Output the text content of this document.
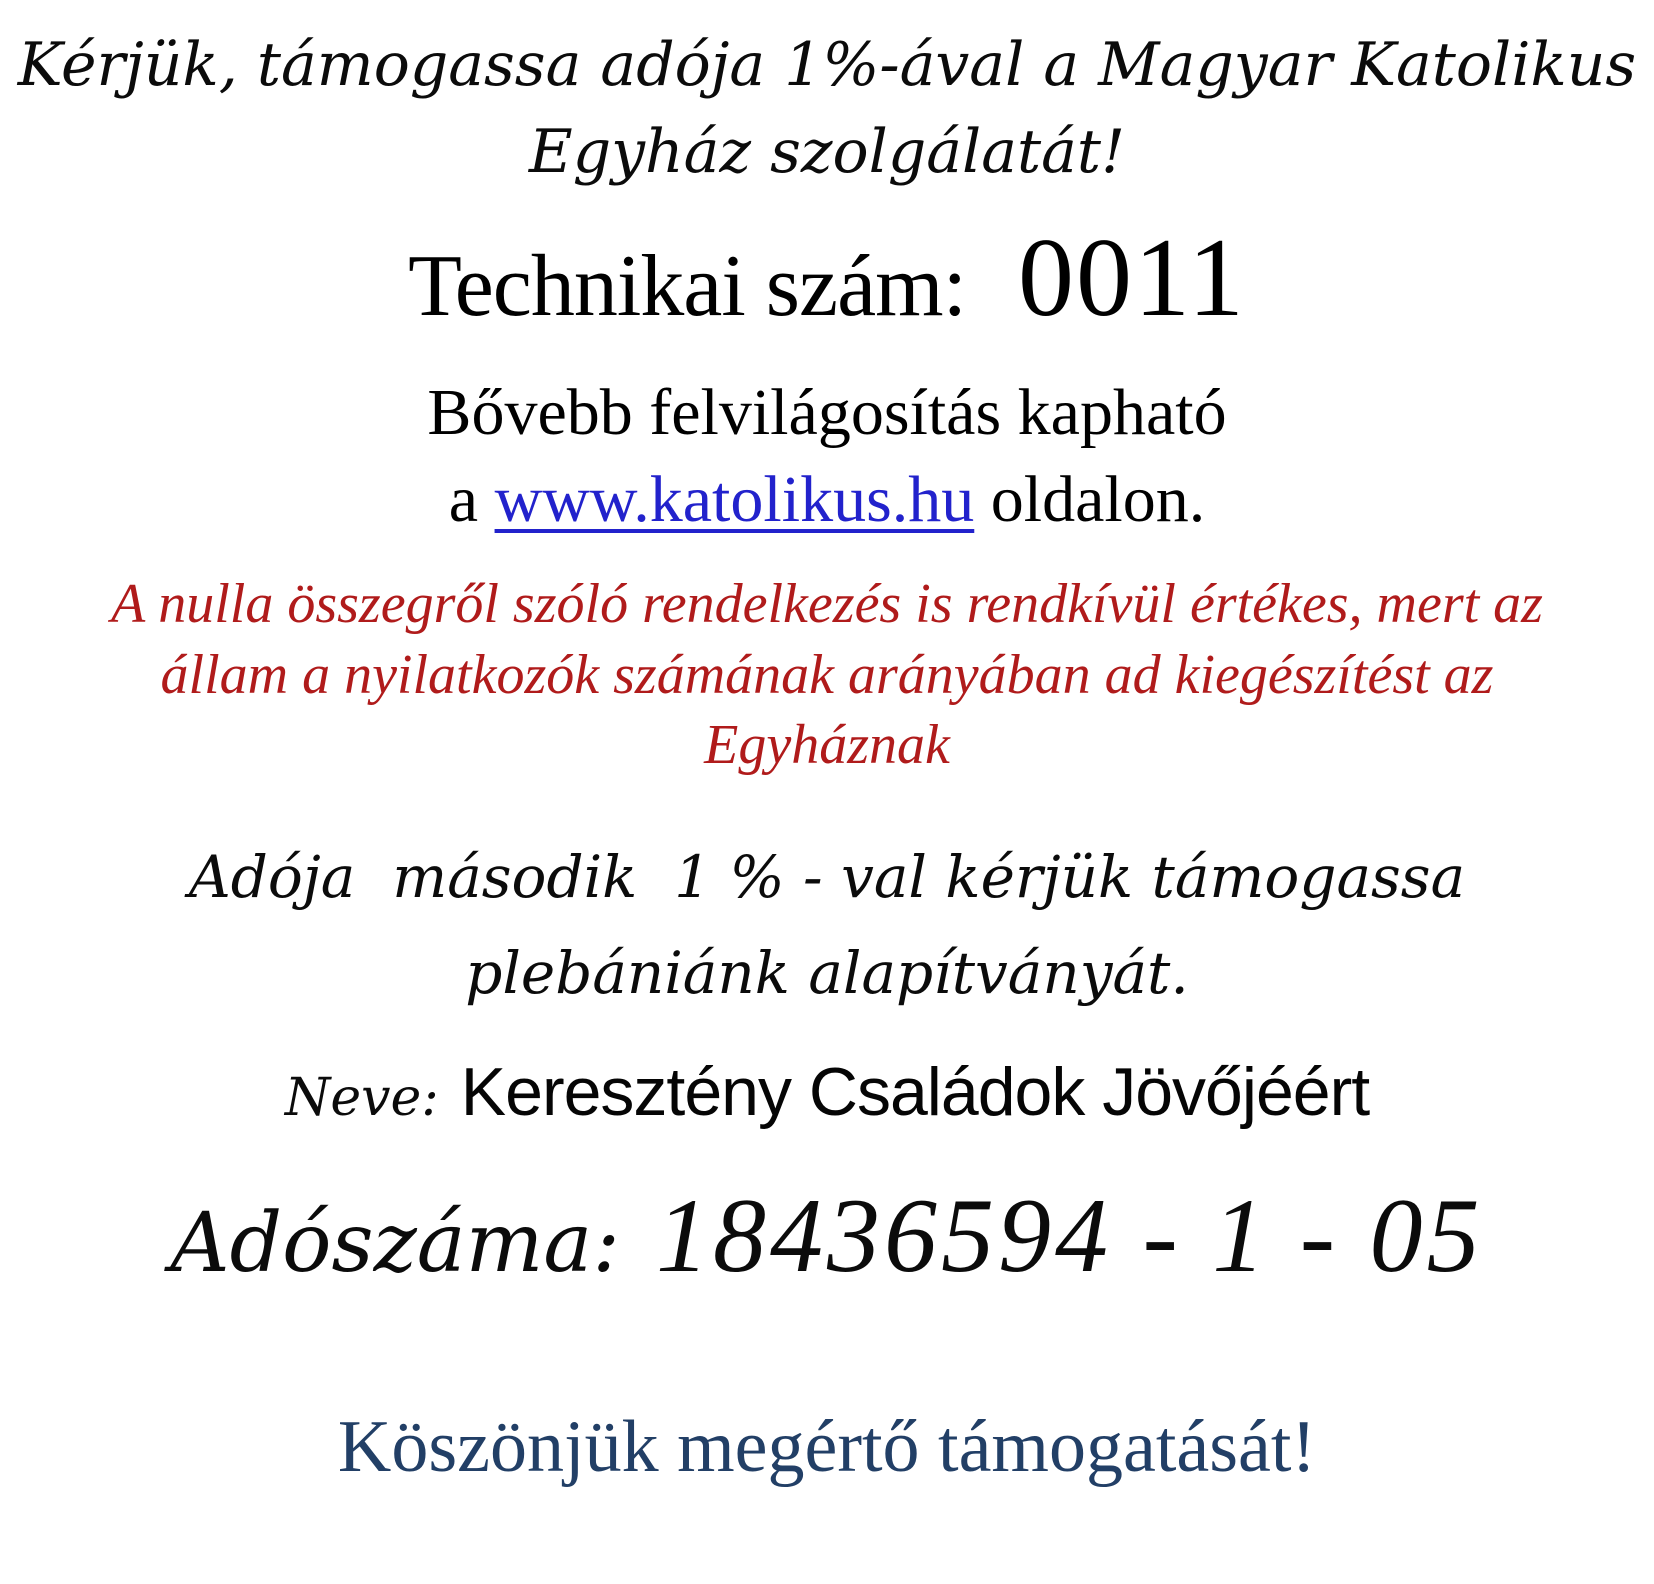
Kérjük, támogassa adója 1%-ával a Magyar Katolikus
Egyház szolgálatát!
Technikai szám: 0011
Bővebb felvilágosítás kapható
a www.katolikus.hu oldalon.
A nulla összegről szóló rendelkezés is rendkívül értékes, mert az
állam a nyilatkozók számának arányában ad kiegészítést az
Egyháznak
Adója  második  1 % - val kérjük támogassa
plebániánk alapítványát.
Neve: Keresztény Családok Jövőjéért
Adószáma: 18436594 - 1 - 05
Köszönjük megértő támogatását!
